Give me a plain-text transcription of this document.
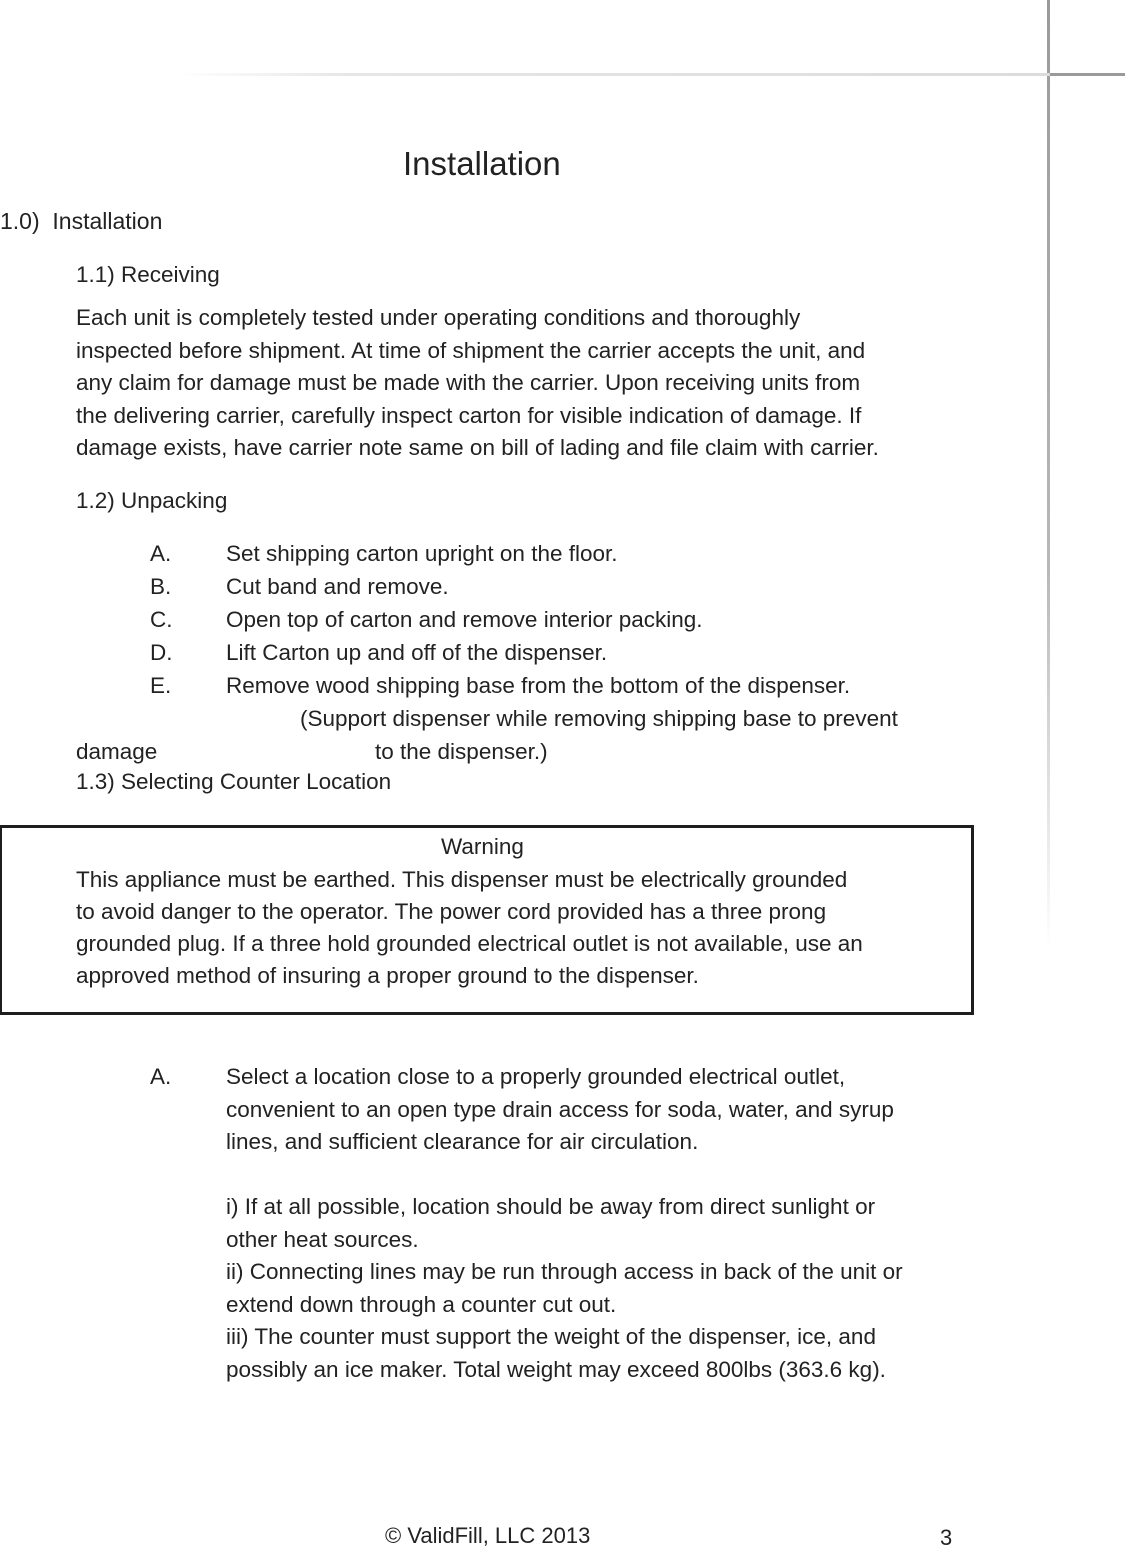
Installation
1.0) Installation
1.1) Receiving
Each unit is completely tested under operating conditions and thoroughly
inspected before shipment. At time of shipment the carrier accepts the unit, and
any claim for damage must be made with the carrier. Upon receiving units from
the delivering carrier, carefully inspect carton for visible indication of damage. If
damage exists, have carrier note same on bill of lading and file claim with carrier.
1.2) Unpacking
A. Set shipping carton upright on the floor.
B. Cut band and remove.
C. Open top of carton and remove interior packing.
D. Lift Carton up and off of the dispenser.
E. Remove wood shipping base from the bottom of the dispenser.
(Support dispenser while removing shipping base to prevent
damage	to the dispenser.)
1.3) Selecting Counter Location
Warning
This appliance must be earthed. This dispenser must be electrically grounded
to avoid danger to the operator. The power cord provided has a three prong
grounded plug. If a three hold grounded electrical outlet is not available, use an
approved method of insuring a proper ground to the dispenser.
A. Select a location close to a properly grounded electrical outlet,
convenient to an open type drain access for soda, water, and syrup
lines, and sufficient clearance for air circulation.
i) If at all possible, location should be away from direct sunlight or
other heat sources.
ii) Connecting lines may be run through access in back of the unit or
extend down through a counter cut out.
iii) The counter must support the weight of the dispenser, ice, and
possibly an ice maker. Total weight may exceed 800lbs (363.6 kg).
© ValidFill, LLC 2013	3
